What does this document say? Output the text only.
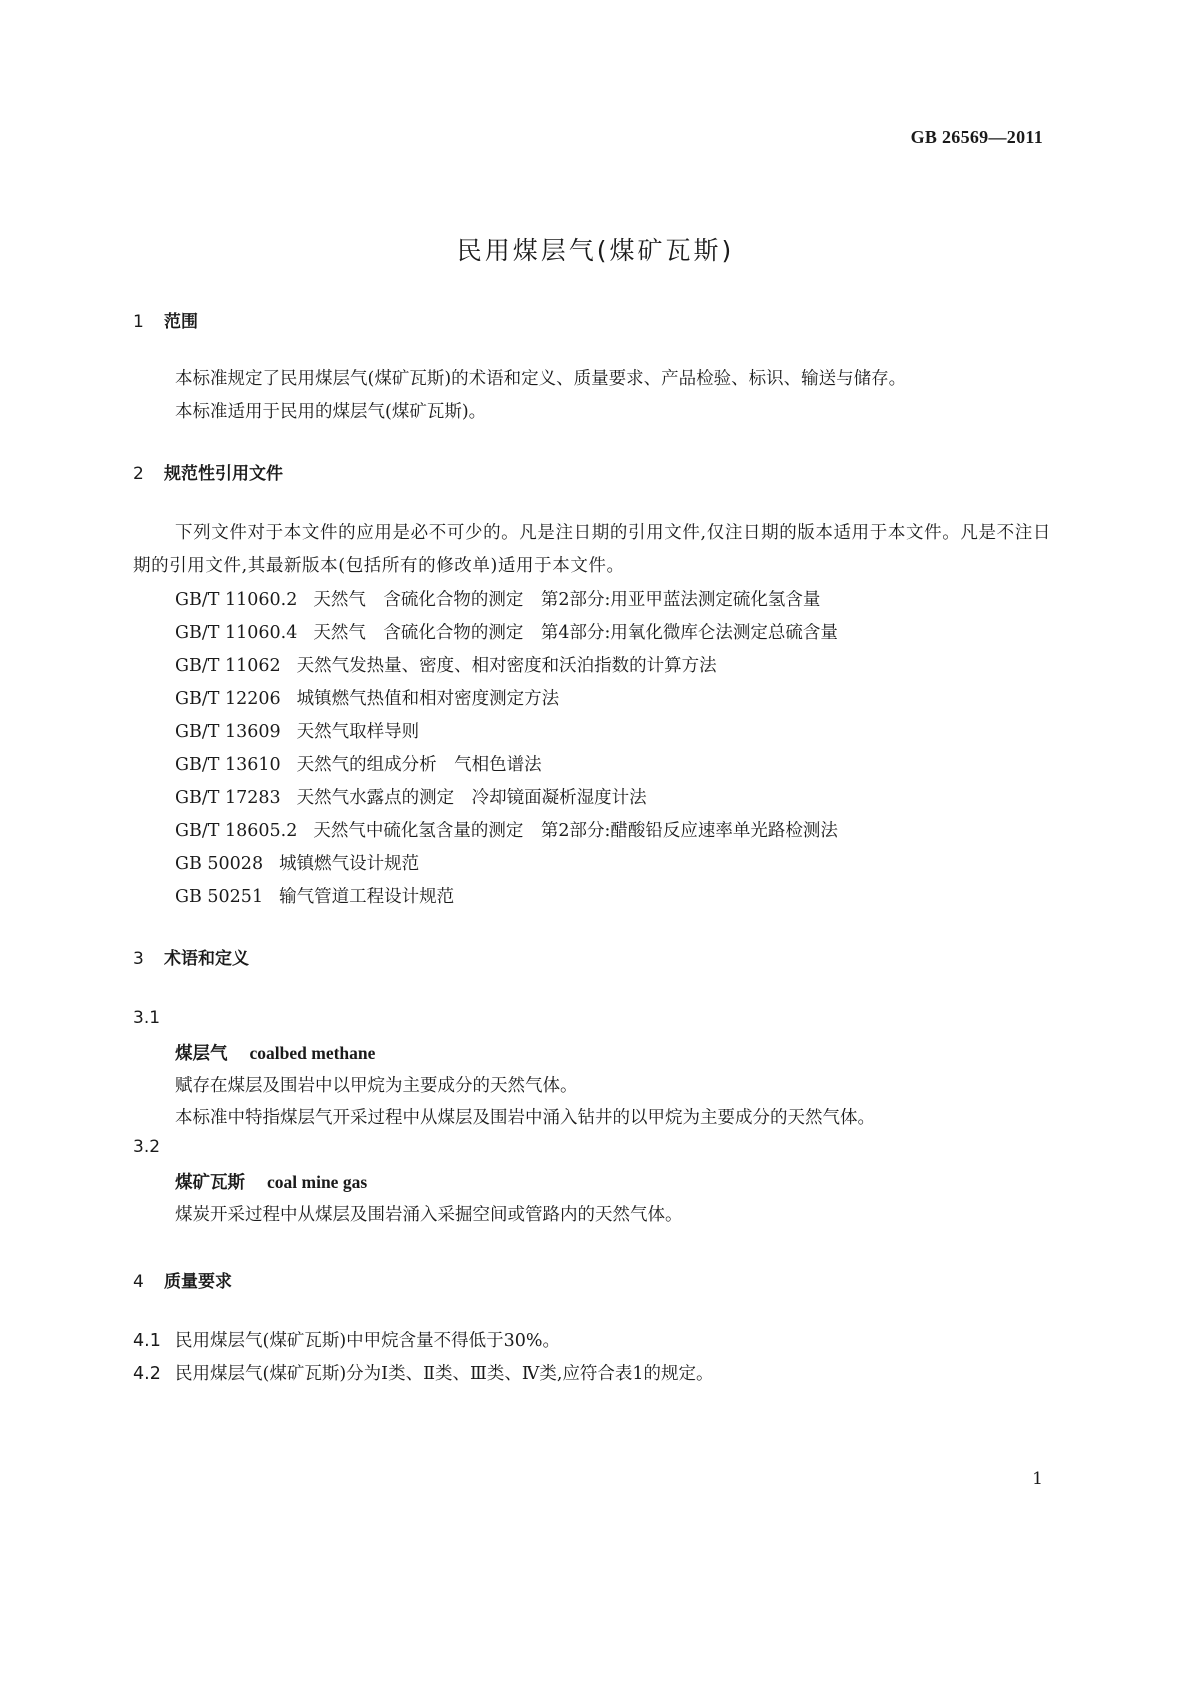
GB 26569—2011
民用煤层气(煤矿瓦斯)
1 范围
本标准规定了民用煤层气(煤矿瓦斯)的术语和定义、质量要求、产品检验、标识、输送与储存。
本标准适用于民用的煤层气(煤矿瓦斯)。
2 规范性引用文件
下列文件对于本文件的应用是必不可少的。凡是注日期的引用文件,仅注日期的版本适用于本文件。凡是不注日期的引用文件,其最新版本(包括所有的修改单)适用于本文件。
GB/T 11060.2 天然气　含硫化合物的测定　第2部分:用亚甲蓝法测定硫化氢含量
GB/T 11060.4 天然气　含硫化合物的测定　第4部分:用氧化微库仑法测定总硫含量
GB/T 11062 天然气发热量、密度、相对密度和沃泊指数的计算方法
GB/T 12206 城镇燃气热值和相对密度测定方法
GB/T 13609 天然气取样导则
GB/T 13610 天然气的组成分析　气相色谱法
GB/T 17283 天然气水露点的测定　冷却镜面凝析湿度计法
GB/T 18605.2 天然气中硫化氢含量的测定　第2部分:醋酸铅反应速率单光路检测法
GB 50028 城镇燃气设计规范
GB 50251 输气管道工程设计规范
3 术语和定义
3.1
煤层气 coalbed methane
赋存在煤层及围岩中以甲烷为主要成分的天然气体。
本标准中特指煤层气开采过程中从煤层及围岩中涌入钻井的以甲烷为主要成分的天然气体。
3.2
煤矿瓦斯 coal mine gas
煤炭开采过程中从煤层及围岩涌入采掘空间或管路内的天然气体。
4 质量要求
4.1 民用煤层气(煤矿瓦斯)中甲烷含量不得低于30%。
4.2 民用煤层气(煤矿瓦斯)分为Ⅰ类、Ⅱ类、Ⅲ类、Ⅳ类,应符合表1的规定。
1
